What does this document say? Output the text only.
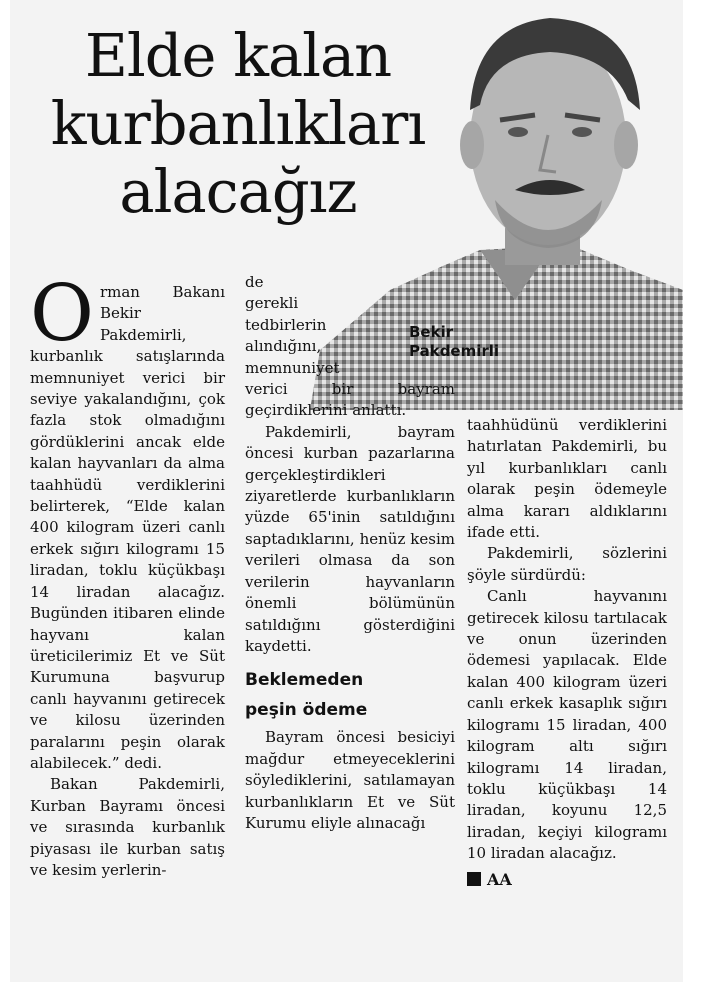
Elde kalan kurbanlıkları alacağız
Bekir
Pakdemirli

Orman Bakanı Bekir Pakdemirli, kurbanlık satışlarında memnuniyet verici bir seviye yakalandığını, çok fazla stok olmadığını gördüklerini ancak elde kalan hayvanları da alma taahhüdü verdiklerini belirterek, “Elde kalan 400 kilogram üzeri canlı erkek sığırı kilogramı 15 liradan, toklu küçükbaşı 14 liradan alacağız. Bugünden itibaren elinde hayvanı kalan üreticilerimiz Et ve Süt Kurumuna başvurup canlı hayvanını getirecek ve kilosu üzerinden paralarını peşin olarak alabilecek.” dedi.

Bakan Pakdemirli, Kurban Bayramı öncesi ve sırasında kurbanlık piyasası ile kurban satış ve kesim yerlerin-

de gerekli tedbirlerin alındığını, memnuniyet

verici bir bayram geçirdiklerini anlattı.

Pakdemirli, bayram öncesi kurban pazarlarına gerçekleştirdikleri ziyaretlerde kurbanlıkların yüzde 65'inin satıldığını saptadıklarını, henüz kesim verileri olmasa da son verilerin hayvanların önemli bölümünün satıldığını gösterdiğini kaydetti.

Beklemeden
peşin ödeme

Bayram öncesi besiciyi mağdur etmeyeceklerini söylediklerini, satılamayan kurbanlıkların Et ve Süt Kurumu eliyle alınacağı

taahhüdünü verdiklerini hatırlatan Pakdemirli, bu yıl kurbanlıkları canlı olarak peşin ödemeyle alma kararı aldıklarını ifade etti.

Pakdemirli, sözlerini şöyle sürdürdü:

Canlı hayvanını getirecek kilosu tartılacak ve onun üzerinden ödemesi yapılacak. Elde kalan 400 kilogram üzeri canlı erkek kasaplık sığırı kilogramı 15 liradan, 400 kilogram altı sığırı kilogramı 14 liradan, toklu küçükbaşı 14 liradan, koyunu 12,5 liradan, keçiyi kilogramı 10 liradan alacağız.

AA
